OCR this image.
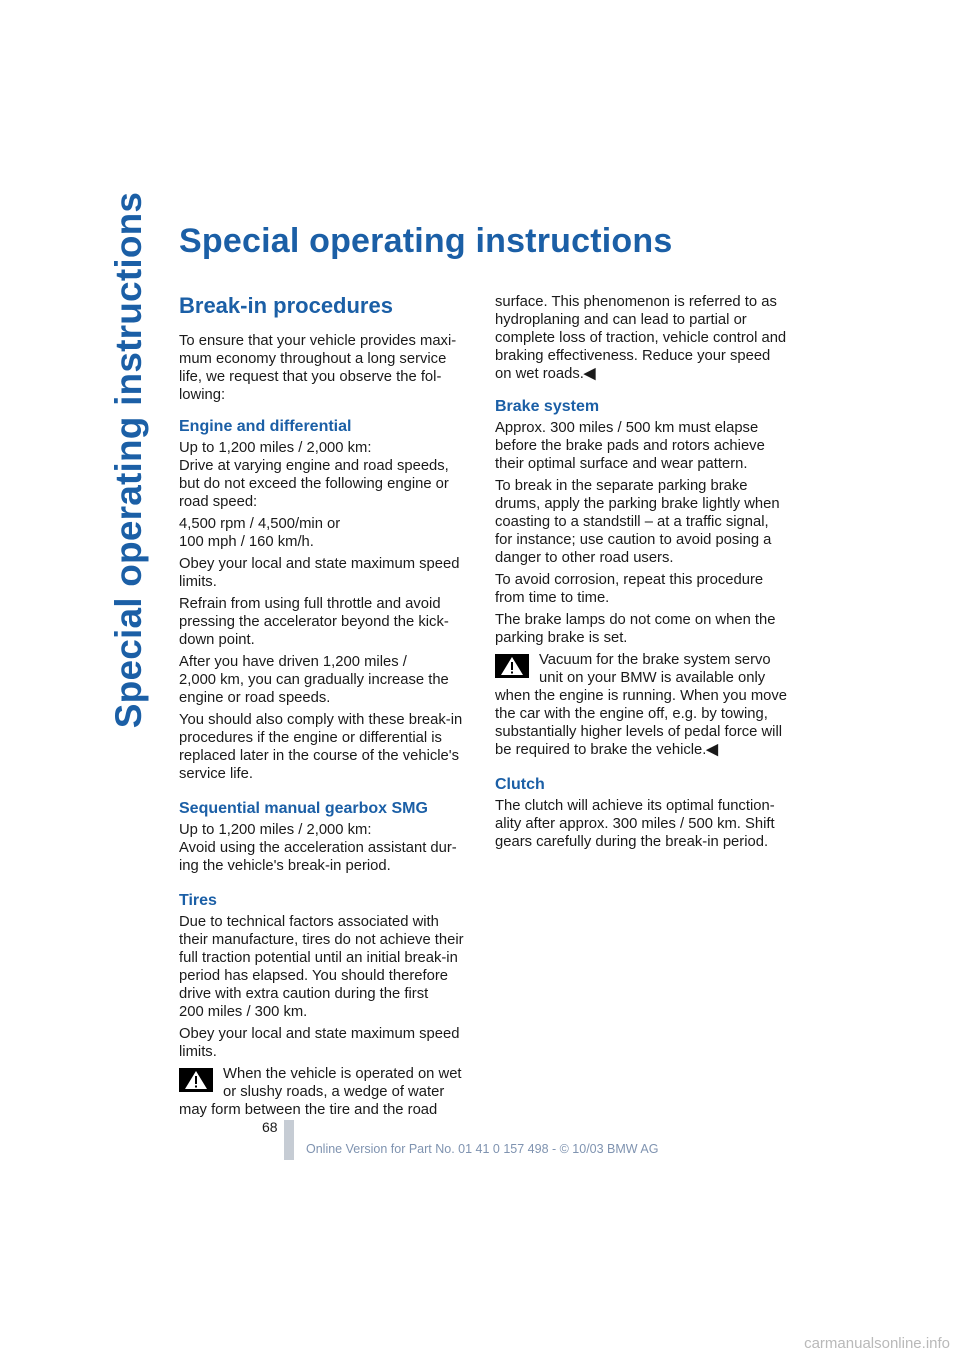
Special operating instructions Special operating instructions
Break-in procedures

To ensure that your vehicle provides maxi-mum economy throughout a long service life, we request that you observe the fol-lowing:

Engine and differential

Up to 1,200 miles / 2,000 km:
Drive at varying engine and road speeds, but do not exceed the following engine or road speed:

4,500 rpm / 4,500/min or
100 mph / 160 km/h.

Obey your local and state maximum speed limits.

Refrain from using full throttle and avoid pressing the accelerator beyond the kick-down point.

After you have driven 1,200 miles /
2,000 km, you can gradually increase the engine or road speeds.

You should also comply with these break-in procedures if the engine or differential is replaced later in the course of the vehicle's service life.

Sequential manual gearbox SMG

Up to 1,200 miles / 2,000 km:
Avoid using the acceleration assistant dur-ing the vehicle's break-in period.

Tires

Due to technical factors associated with their manufacture, tires do not achieve their full traction potential until an initial break-in period has elapsed. You should therefore drive with extra caution during the first
200 miles / 300 km.

Obey your local and state maximum speed limits.

When the vehicle is operated on wet or slushy roads, a wedge of water may form between the tire and the road

surface. This phenomenon is referred to as hydroplaning and can lead to partial or complete loss of traction, vehicle control and braking effectiveness. Reduce your speed on wet roads.◀

Brake system

Approx. 300 miles / 500 km must elapse before the brake pads and rotors achieve their optimal surface and wear pattern.

To break in the separate parking brake drums, apply the parking brake lightly when coasting to a standstill – at a traffic signal, for instance; use caution to avoid posing a danger to other road users.

To avoid corrosion, repeat this procedure from time to time.

The brake lamps do not come on when the parking brake is set.

Vacuum for the brake system servo unit on your BMW is available only when the engine is running. When you move the car with the engine off, e.g. by towing, substantially higher levels of pedal force will be required to brake the vehicle.◀

Clutch

The clutch will achieve its optimal function-ality after approx. 300 miles / 500 km. Shift gears carefully during the break-in period.

68
Online Version for Part No. 01 41 0 157 498 - © 10/03 BMW AG
carmanualsonline.info
